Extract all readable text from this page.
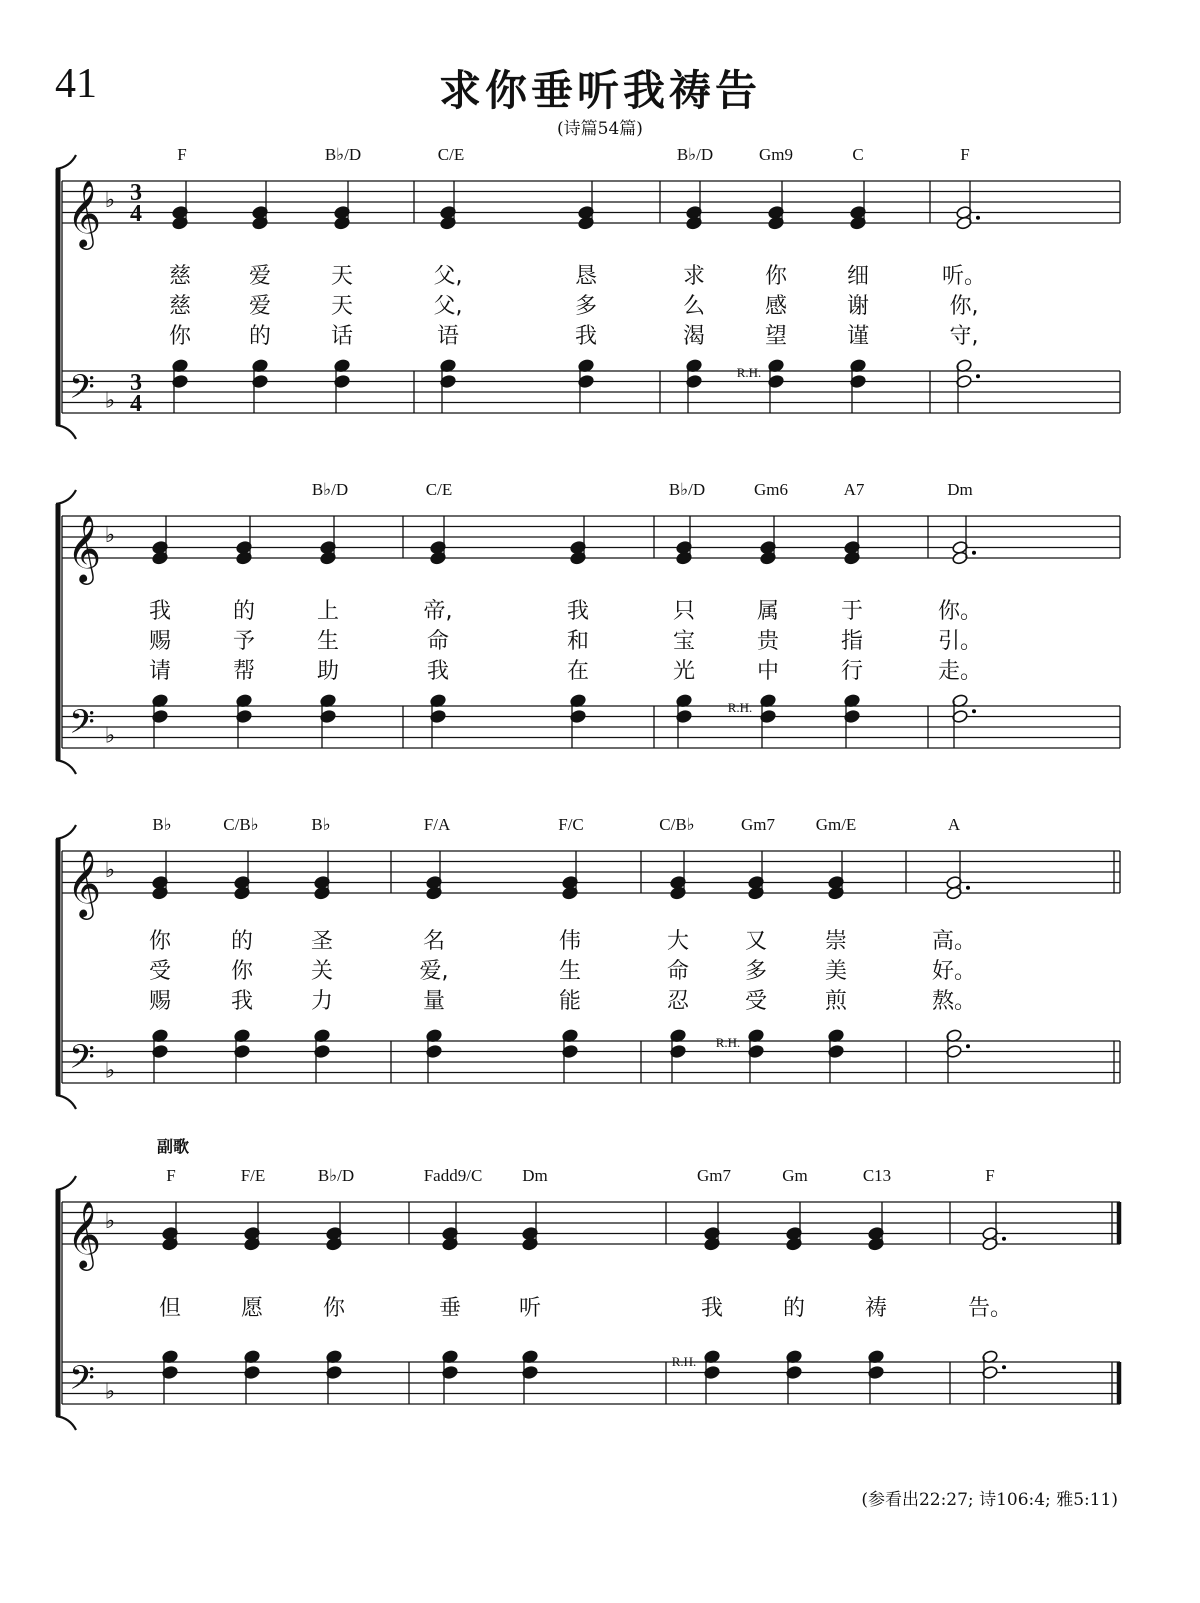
41	求你垂听我祷告
(诗篇54篇)
𝄞
𝄢
♭
♭
3
4
3
4
F	B♭/D	C/E	B♭/D	Gm9	C	F
慈	爱	天	父,	恳	求	你	细	听。
慈	爱	天	父,	多	么	感	谢	你,
你	的	话	语	我	渴	望	谨	守,
R.H.
𝄞
𝄢
♭
♭
B♭/D	C/E	B♭/D	Gm6	A7	Dm
我	的	上	帝,	我	只	属	于	你。
赐	予	生	命	和	宝	贵	指	引。
请	帮	助	我	在	光	中	行	走。
R.H.
𝄞
𝄢
♭
♭
B♭	C/B♭	B♭	F/A	F/C	C/B♭	Gm7 Gm/E	A
你	的	圣	名	伟	大	又	崇	高。
受	你	关	爱,	生	命	多	美	好。
赐	我	力	量	能	忍	受	煎	熬。
R.H.
𝄞
𝄢
♭
♭
F	F/E	B♭/D	Fadd9/C Dm	Gm7	Gm	C13	F
但	愿	你	垂	听	我	的	祷	告。
R.H.
副歌
(参看出22:27; 诗106:4; 雅5:11)
